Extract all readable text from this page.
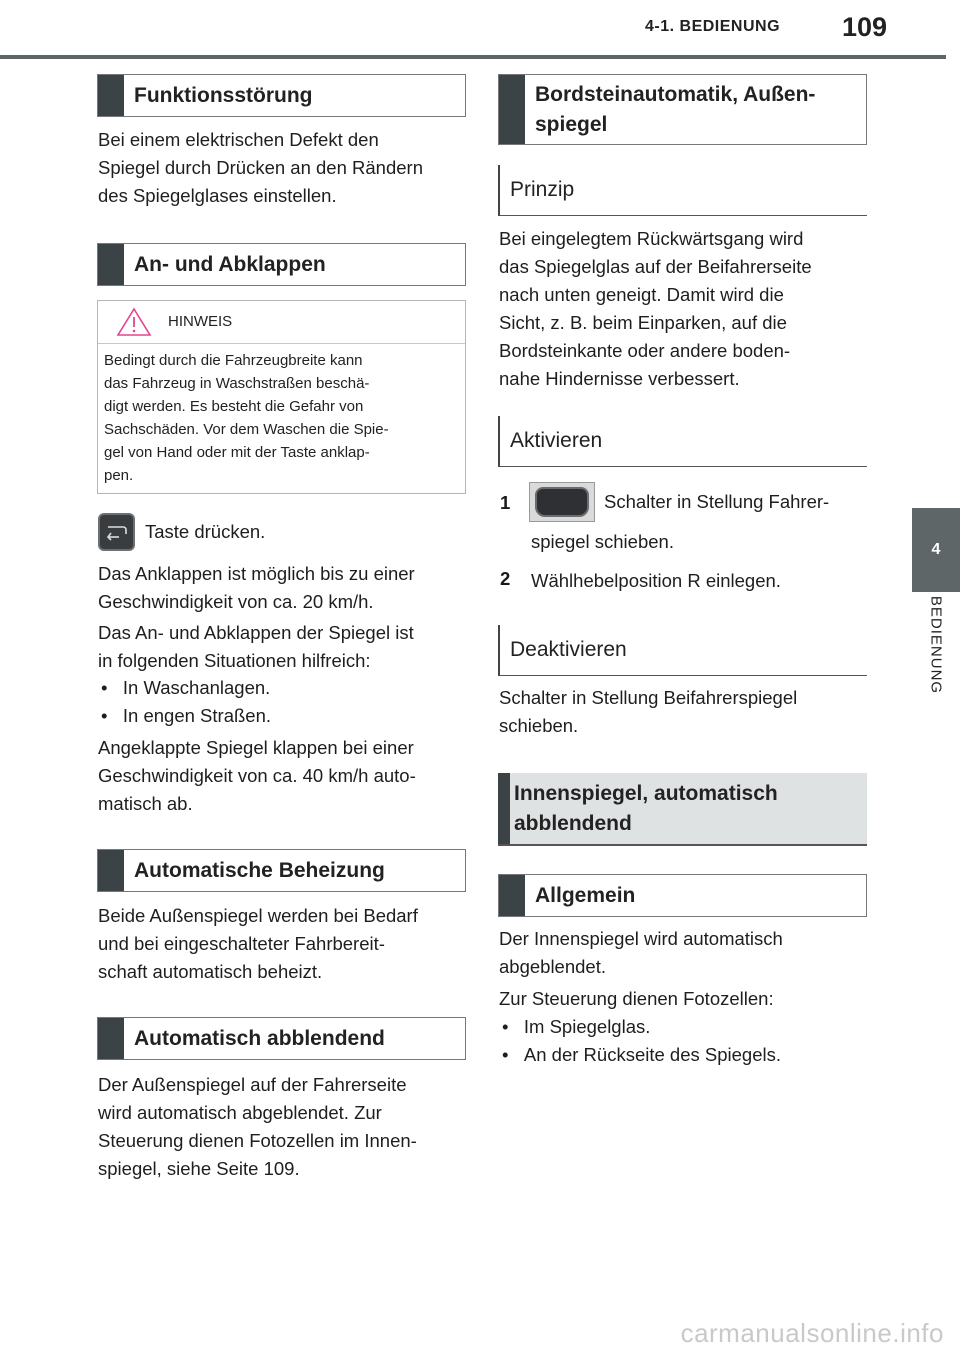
4-1. BEDIENUNG 109
4
BEDIENUNG
Funktionsstörung
Bei einem elektrischen Defekt den
Spiegel durch Drücken an den Rändern
des Spiegelglases einstellen.
An- und Abklappen
HINWEIS
Bedingt durch die Fahrzeugbreite kann
das Fahrzeug in Waschstraßen beschä-
digt werden. Es besteht die Gefahr von
Sachschäden. Vor dem Waschen die Spie-
gel von Hand oder mit der Taste anklap-
pen.
Taste drücken.
Das Anklappen ist möglich bis zu einer
Geschwindigkeit von ca. 20 km/h.
Das An- und Abklappen der Spiegel ist
in folgenden Situationen hilfreich:
•   In Waschanlagen.
•   In engen Straßen.
Angeklappte Spiegel klappen bei einer
Geschwindigkeit von ca. 40 km/h auto-
matisch ab.
Automatische Beheizung
Beide Außenspiegel werden bei Bedarf
und bei eingeschalteter Fahrbereit-
schaft automatisch beheizt.
Automatisch abblendend
Der Außenspiegel auf der Fahrerseite
wird automatisch abgeblendet. Zur
Steuerung dienen Fotozellen im Innen-
spiegel, siehe Seite 109.
Bordsteinautomatik, Außen-
spiegel
Prinzip
Bei eingelegtem Rückwärtsgang wird
das Spiegelglas auf der Beifahrerseite
nach unten geneigt. Damit wird die
Sicht, z. B. beim Einparken, auf die
Bordsteinkante oder andere boden-
nahe Hindernisse verbessert.
Aktivieren
1	Schalter in Stellung Fahrer-
spiegel schieben.
2 Wählhebelposition R einlegen.
Deaktivieren
Schalter in Stellung Beifahrerspiegel
schieben.
Innenspiegel, automatisch
abblendend
Allgemein
Der Innenspiegel wird automatisch
abgeblendet.
Zur Steuerung dienen Fotozellen:
•   Im Spiegelglas.
•   An der Rückseite des Spiegels.
carmanualsonline.info
